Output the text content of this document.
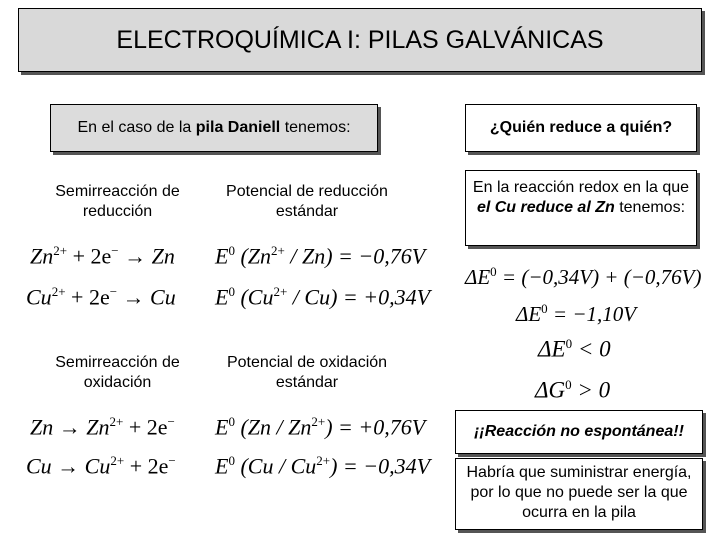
ELECTROQUÍMICA I: PILAS GALVÁNICAS
En el caso de la
pila Daniell
tenemos:	¿Quién reduce a quién?
En la reacción redox en la que el Cu reduce al Zn tenemos:
Semirreacción de reducción
Potencial de reducción estándar
$Zn^{2+} + 2e^- \to Zn$
$Cu^{2+} + 2e^- \to Cu$
$E^0$ $(Zn^{2+} / Zn) = -0,76V$
$E^0$ $(Cu^{2+} / Cu) = +0,34V$
Semirreacción de oxidación
Potencial de oxidación estándar
$Zn \to Zn^{2+} + 2e^-$
$Cu \to Cu^{2+} + 2e^-$
$E^0$ $(Zn / Zn^{2+}) = +0,76V$
$E^0$ $(Cu / Cu^{2+}) = -0,34V$
$\Delta E^0 = (-0,34V) + (-0,76V)$
$\Delta E^0 = -1,10V$
$\Delta E^0 < 0$
$\Delta G^0 > 0$
¡¡Reacción no espontánea!!
Habría que suministrar energía, por lo que no puede ser la que ocurra en la pila
